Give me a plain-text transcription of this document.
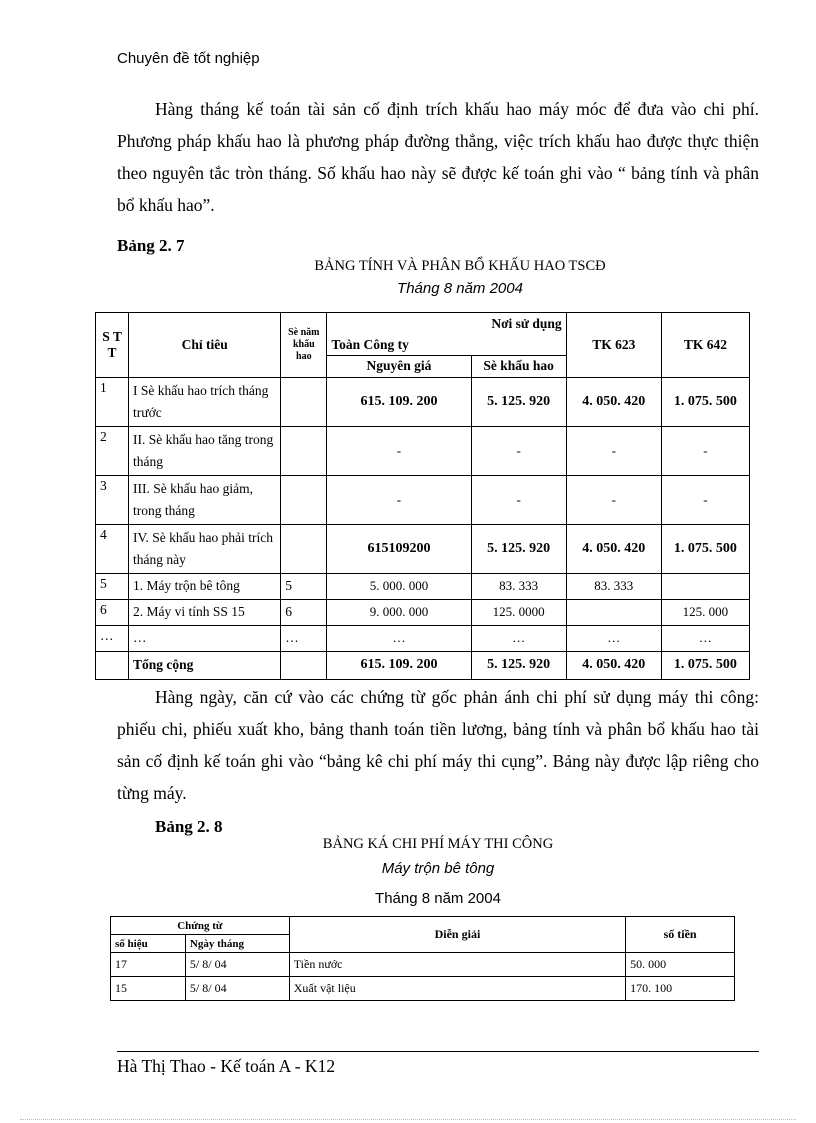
Chuyên đề tốt nghiệp

Hàng tháng kế toán tài sản cố định trích khấu hao máy móc để đưa vào chi phí. Phương pháp khấu hao là phương pháp đường thẳng, việc trích khấu hao được thực thiện theo nguyên tắc tròn tháng. Số khấu hao này sẽ được kế toán ghi vào “ bảng tính và phân bổ khấu hao”.

Bảng 2. 7
BẢNG TÍNH VÀ PHÂN BỔ KHẤU HAO TSCĐ
Tháng 8 năm 2004
S T T	Chỉ tiêu	Sè năm khấu hao	Nơi sử dụng		TK 623	TK 642
			Toàn Công ty			
			Nguyên giá	Sè khấu hao		
1	I Sè khấu hao trích tháng trước		615. 109. 200	5. 125. 920	4. 050. 420	1. 075. 500
2	II. Sè khấu hao tăng trong tháng		-	-	-	-
3	III. Sè khấu hao giảm, trong tháng		-	-	-	-
4	IV. Sè khấu hao phải trích tháng này		615109200	5. 125. 920	4. 050. 420	1. 075. 500
5	1. Máy trộn bê tông	5	5. 000. 000	83. 333	83. 333	
6	2. Máy vi tính SS 15	6	9. 000. 000	125. 0000		125. 000
…	…	…	…	…	…	…
	Tổng cộng		615. 109. 200	5. 125. 920	4. 050. 420	1. 075. 500

Hàng ngày, căn cứ vào các chứng từ gốc phản ánh chi phí sử dụng máy thi công: phiếu chi, phiếu xuất kho, bảng thanh toán tiền lương, bảng tính và phân bổ khấu hao tài sản cố định kế toán ghi vào “bảng kê chi phí máy thi cụng”. Bảng này được lập riêng cho từng máy.

Bảng 2. 8
BẢNG KÁ CHI PHÍ MÁY THI CÔNG
Máy trộn bê tông
Tháng 8 năm 2004
Chứng từ		Diễn giải	số tiền
số hiệu	Ngày tháng		
17	5/ 8/ 04	Tiền nước	50. 000
15	5/ 8/ 04	Xuất vật liệu	170. 100
Hà Thị Thao - Kế toán A - K12
